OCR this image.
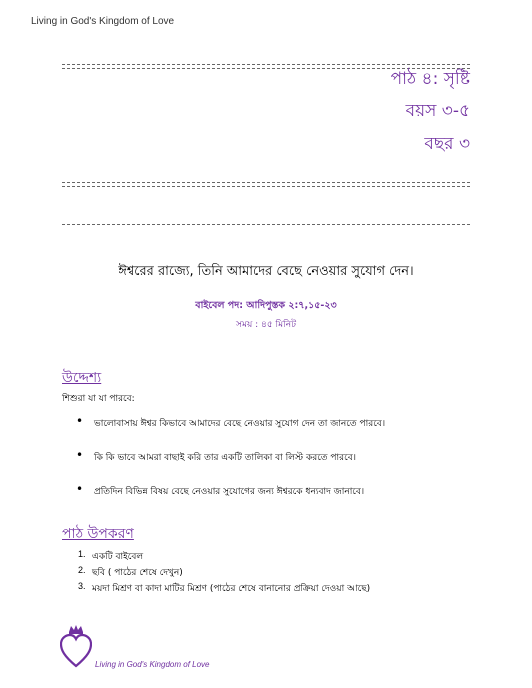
Living in God's Kingdom of Love
পাঠ ৪: সৃষ্টি
বয়স ৩-৫
বছর ৩
ঈশ্বরের রাজ্যে, তিনি আমাদের বেছে নেওয়ার সুযোগ দেন।
বাইবেল পদ: আদিপুস্তক ২:৭,১৫-২৩
সময় : ৪৫ মিনিট
উদ্দেশ্য
শিশুরা যা যা পারবে:
• ভালোবাসায় ঈশ্বর কিভাবে আমাদের বেছে নেওয়ার সুযোগ দেন তা জানতে পারবে।
• কি কি ভাবে আমরা বাছাই করি তার একটি তালিকা বা লিস্ট করতে পারবে।
• প্রতিদিন বিভিন্ন বিষয় বেছে নেওয়ার সুযোগের জন্য ঈশ্বরকে ধন্যবাদ জানাবে।
পাঠ উপকরণ
1. একটি বাইবেল
2. ছবি ( পাঠের শেষে দেখুন)
3. ময়দা মিশ্রণ বা কাদা মাটির মিশ্রণ (পাঠের শেষে বানানোর প্রক্রিয়া দেওয়া আছে)
Living in God's Kingdom of Love
